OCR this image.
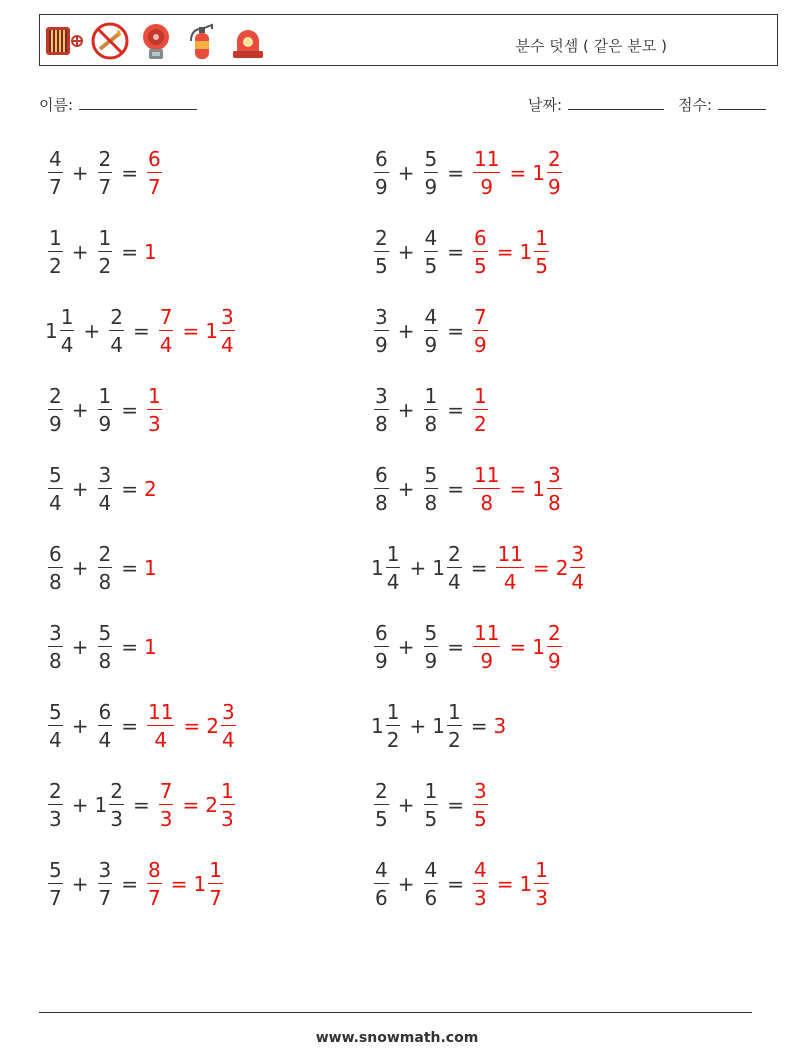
분수 덧셈 ( 같은 분모 )
이름:	날짜:	점수:
$\frac{4}{7} + \frac{2}{7} = \frac{6}{7}$	$\frac{6}{9} + \frac{5}{9} = \frac{11}{9} = 1 \frac{2}{9}$
$\frac{1}{2} + \frac{1}{2} = 1$	$\frac{2}{5} + \frac{4}{5} = \frac{6}{5} = 1 \frac{1}{5}$
$1 \frac{1}{4} + \frac{2}{4} = \frac{7}{4} = 1 \frac{3}{4}$	$\frac{3}{9} + \frac{4}{9} = \frac{7}{9}$
$\frac{2}{9} + \frac{1}{9} = \frac{1}{3}$	$\frac{3}{8} + \frac{1}{8} = \frac{1}{2}$
$\frac{5}{4} + \frac{3}{4} = 2$	$\frac{6}{8} + \frac{5}{8} = \frac{11}{8} = 1 \frac{3}{8}$
$\frac{6}{8} + \frac{2}{8} = 1$	$1 \frac{1}{4} + 1 \frac{2}{4} = \frac{11}{4} = 2 \frac{3}{4}$
$\frac{3}{8} + \frac{5}{8} = 1$	$\frac{6}{9} + \frac{5}{9} = \frac{11}{9} = 1 \frac{2}{9}$
$\frac{5}{4} + \frac{6}{4} = \frac{11}{4} = 2 \frac{3}{4}$	$1 \frac{1}{2} + 1 \frac{1}{2} = 3$
$\frac{2}{3} + 1 \frac{2}{3} = \frac{7}{3} = 2 \frac{1}{3}$	$\frac{2}{5} + \frac{1}{5} = \frac{3}{5}$
$\frac{5}{7} + \frac{3}{7} = \frac{8}{7} = 1 \frac{1}{7}$	$\frac{4}{6} + \frac{4}{6} = \frac{4}{3} = 1 \frac{1}{3}$
www.snowmath.com
